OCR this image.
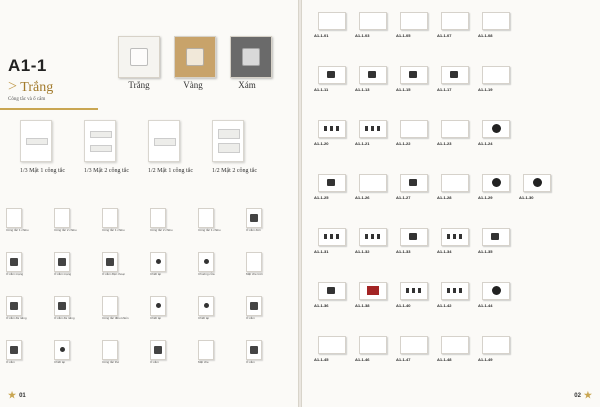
A1-1
> Trắng
Công tắc và ổ cắm
Trắng	Vàng	Xám
1/3 Mặt 1 công tắc	1/3 Mặt 2 công tắc	1/2 Mặt 1 công tắc	1/2 Mặt 2 công tắc
Công tắc 1 chiều	Công tắc 2 chiều	Công tắc 1 chiều	Công tắc 2 chiều	Công tắc 1 chiều	Ổ cắm đơn
Ổ cắm mạng	Ổ cắm mạng	Ổ cắm điện thoại	Chiết áp	Chuông cửa	Mặt che trơn
Ổ cắm đa năng	Ổ cắm đa năng	Công tắc điều khiển	Chiết áp	Chiết áp	Ổ cắm
Ổ cắm	Chiết áp	Công tắc thẻ	Ổ cắm	Mặt che	Ổ cắm
★ 01
A1-1-01	A1-1-03	A1-1-05	A1-1-07	A1-1-08
A1-1-11	A1-1-13	A1-1-15	A1-1-17	A1-1-19
A1-1-20	A1-1-21	A1-1-22	A1-1-23	A1-1-24
A1-1-25	A1-1-26	A1-1-27	A1-1-28	A1-1-29	A1-1-30
A1-1-31	A1-1-32	A1-1-33	A1-1-34	A1-1-35
A1-1-36	A1-1-38	A1-1-40	A1-1-42	A1-1-44
A1-1-45	A1-1-46	A1-1-47	A1-1-48	A1-1-49
02 ★
